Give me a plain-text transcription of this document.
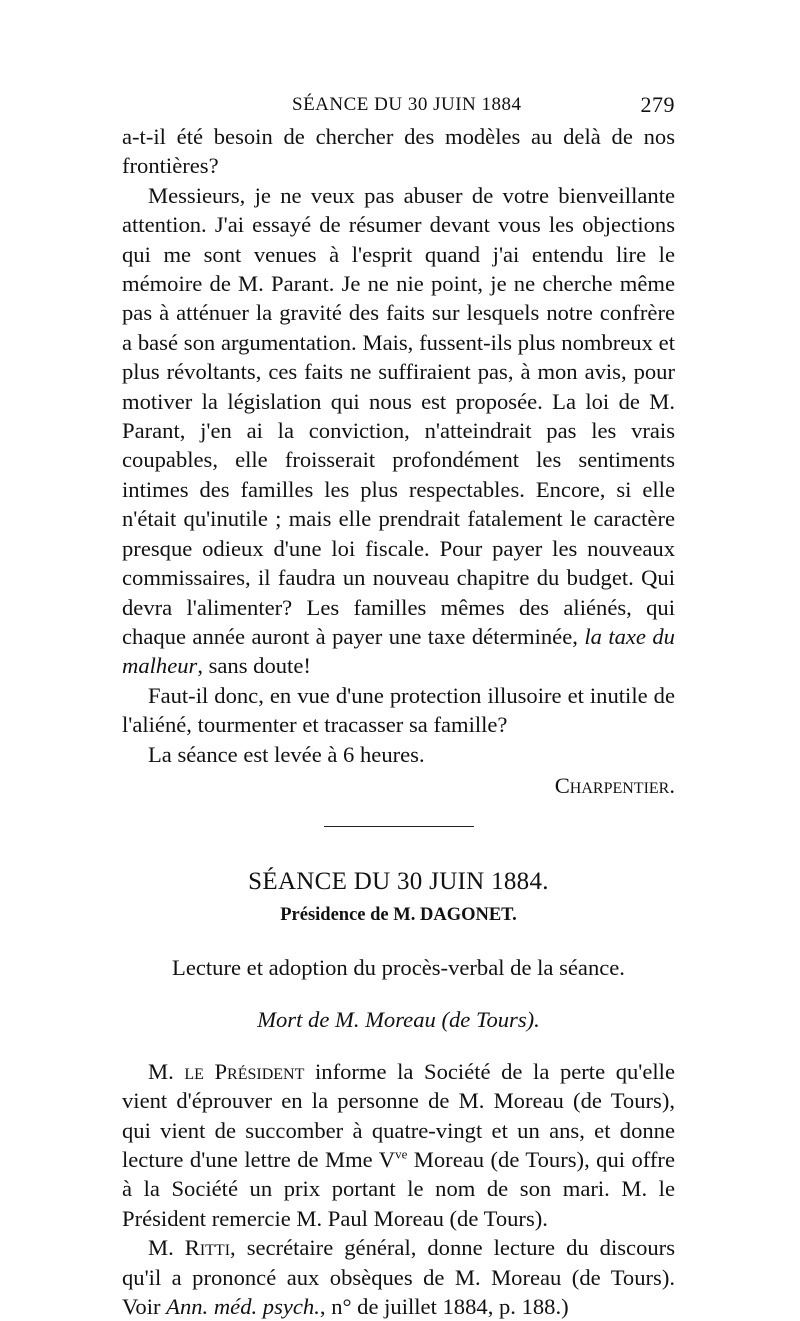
SÉANCE DU 30 JUIN 1884	279

a-t-il été besoin de chercher des modèles au delà de nos frontières?

Messieurs, je ne veux pas abuser de votre bienveillante attention. J'ai essayé de résumer devant vous les objections qui me sont venues à l'esprit quand j'ai entendu lire le mémoire de M. Parant. Je ne nie point, je ne cherche même pas à atténuer la gravité des faits sur lesquels notre confrère a basé son argumentation. Mais, fussent-ils plus nombreux et plus révoltants, ces faits ne suffiraient pas, à mon avis, pour motiver la législation qui nous est proposée. La loi de M. Parant, j'en ai la conviction, n'atteindrait pas les vrais coupables, elle froisserait profondément les sentiments intimes des familles les plus respectables. Encore, si elle n'était qu'inutile ; mais elle prendrait fatalement le caractère presque odieux d'une loi fiscale. Pour payer les nouveaux commissaires, il faudra un nouveau chapitre du budget. Qui devra l'alimenter? Les familles mêmes des aliénés, qui chaque année auront à payer une taxe déterminée, la taxe du malheur, sans doute!

Faut-il donc, en vue d'une protection illusoire et inutile de l'aliéné, tourmenter et tracasser sa famille?

La séance est levée à 6 heures.

Charpentier.

SÉANCE DU 30 JUIN 1884.
Présidence de M. DAGONET.

Lecture et adoption du procès-verbal de la séance.

Mort de M. Moreau (de Tours).

M. le Président informe la Société de la perte qu'elle vient d'éprouver en la personne de M. Moreau (de Tours), qui vient de succomber à quatre-vingt et un ans, et donne lecture d'une lettre de Mme $V^{ve}$ Moreau (de Tours), qui offre à la Société un prix portant le nom de son mari. M. le Président remercie M. Paul Moreau (de Tours).

M. Ritti, secrétaire général, donne lecture du discours qu'il a prononcé aux obsèques de M. Moreau (de Tours). Voir Ann. méd. psych., n° de juillet 1884, p. 188.)
